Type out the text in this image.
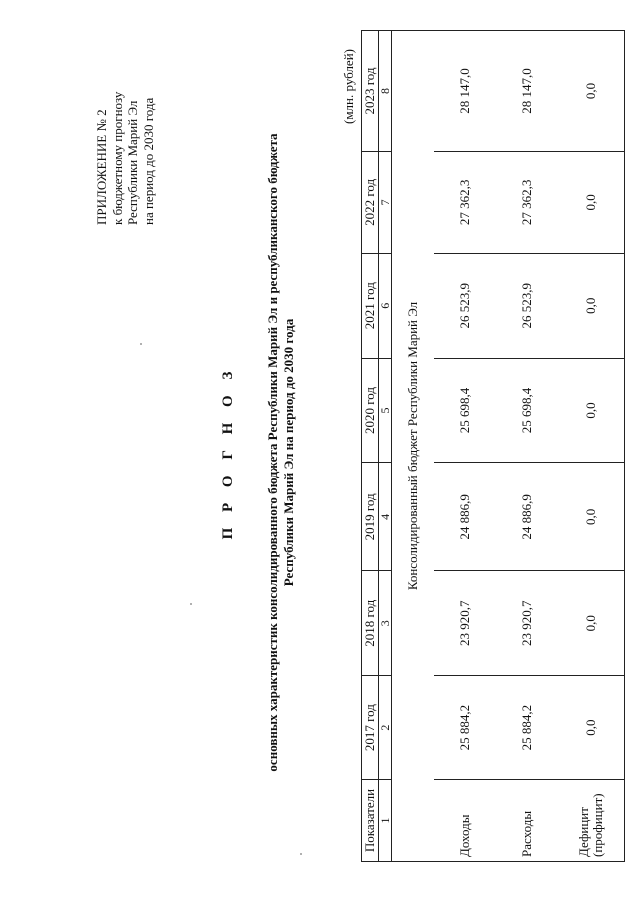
ПРИЛОЖЕНИЕ № 2 к бюджетному прогнозу Республики Марий Эл на период до 2030 года
П Р О Г Н О З основных характеристик консолидированного бюджета Республики Марий Эл и республиканского бюджета Республики Марий Эл на период до 2030 года
(млн. рублей)
Показатели	2017 год	2018 год	2019 год	2020 год	2021 год	2022 год	2023 год
1	2	3	4	5	6	7	8
Консолидированный бюджет Республики Марий Эл							
Доходы	25 884,2	23 920,7	24 886,9	25 698,4	26 523,9	27 362,3	28 147,0
Расходы	25 884,2	23 920,7	24 886,9	25 698,4	26 523,9	27 362,3	28 147,0

Дефицит (профицит)	0,0	0,0	0,0	0,0	0,0	0,0	0,0
